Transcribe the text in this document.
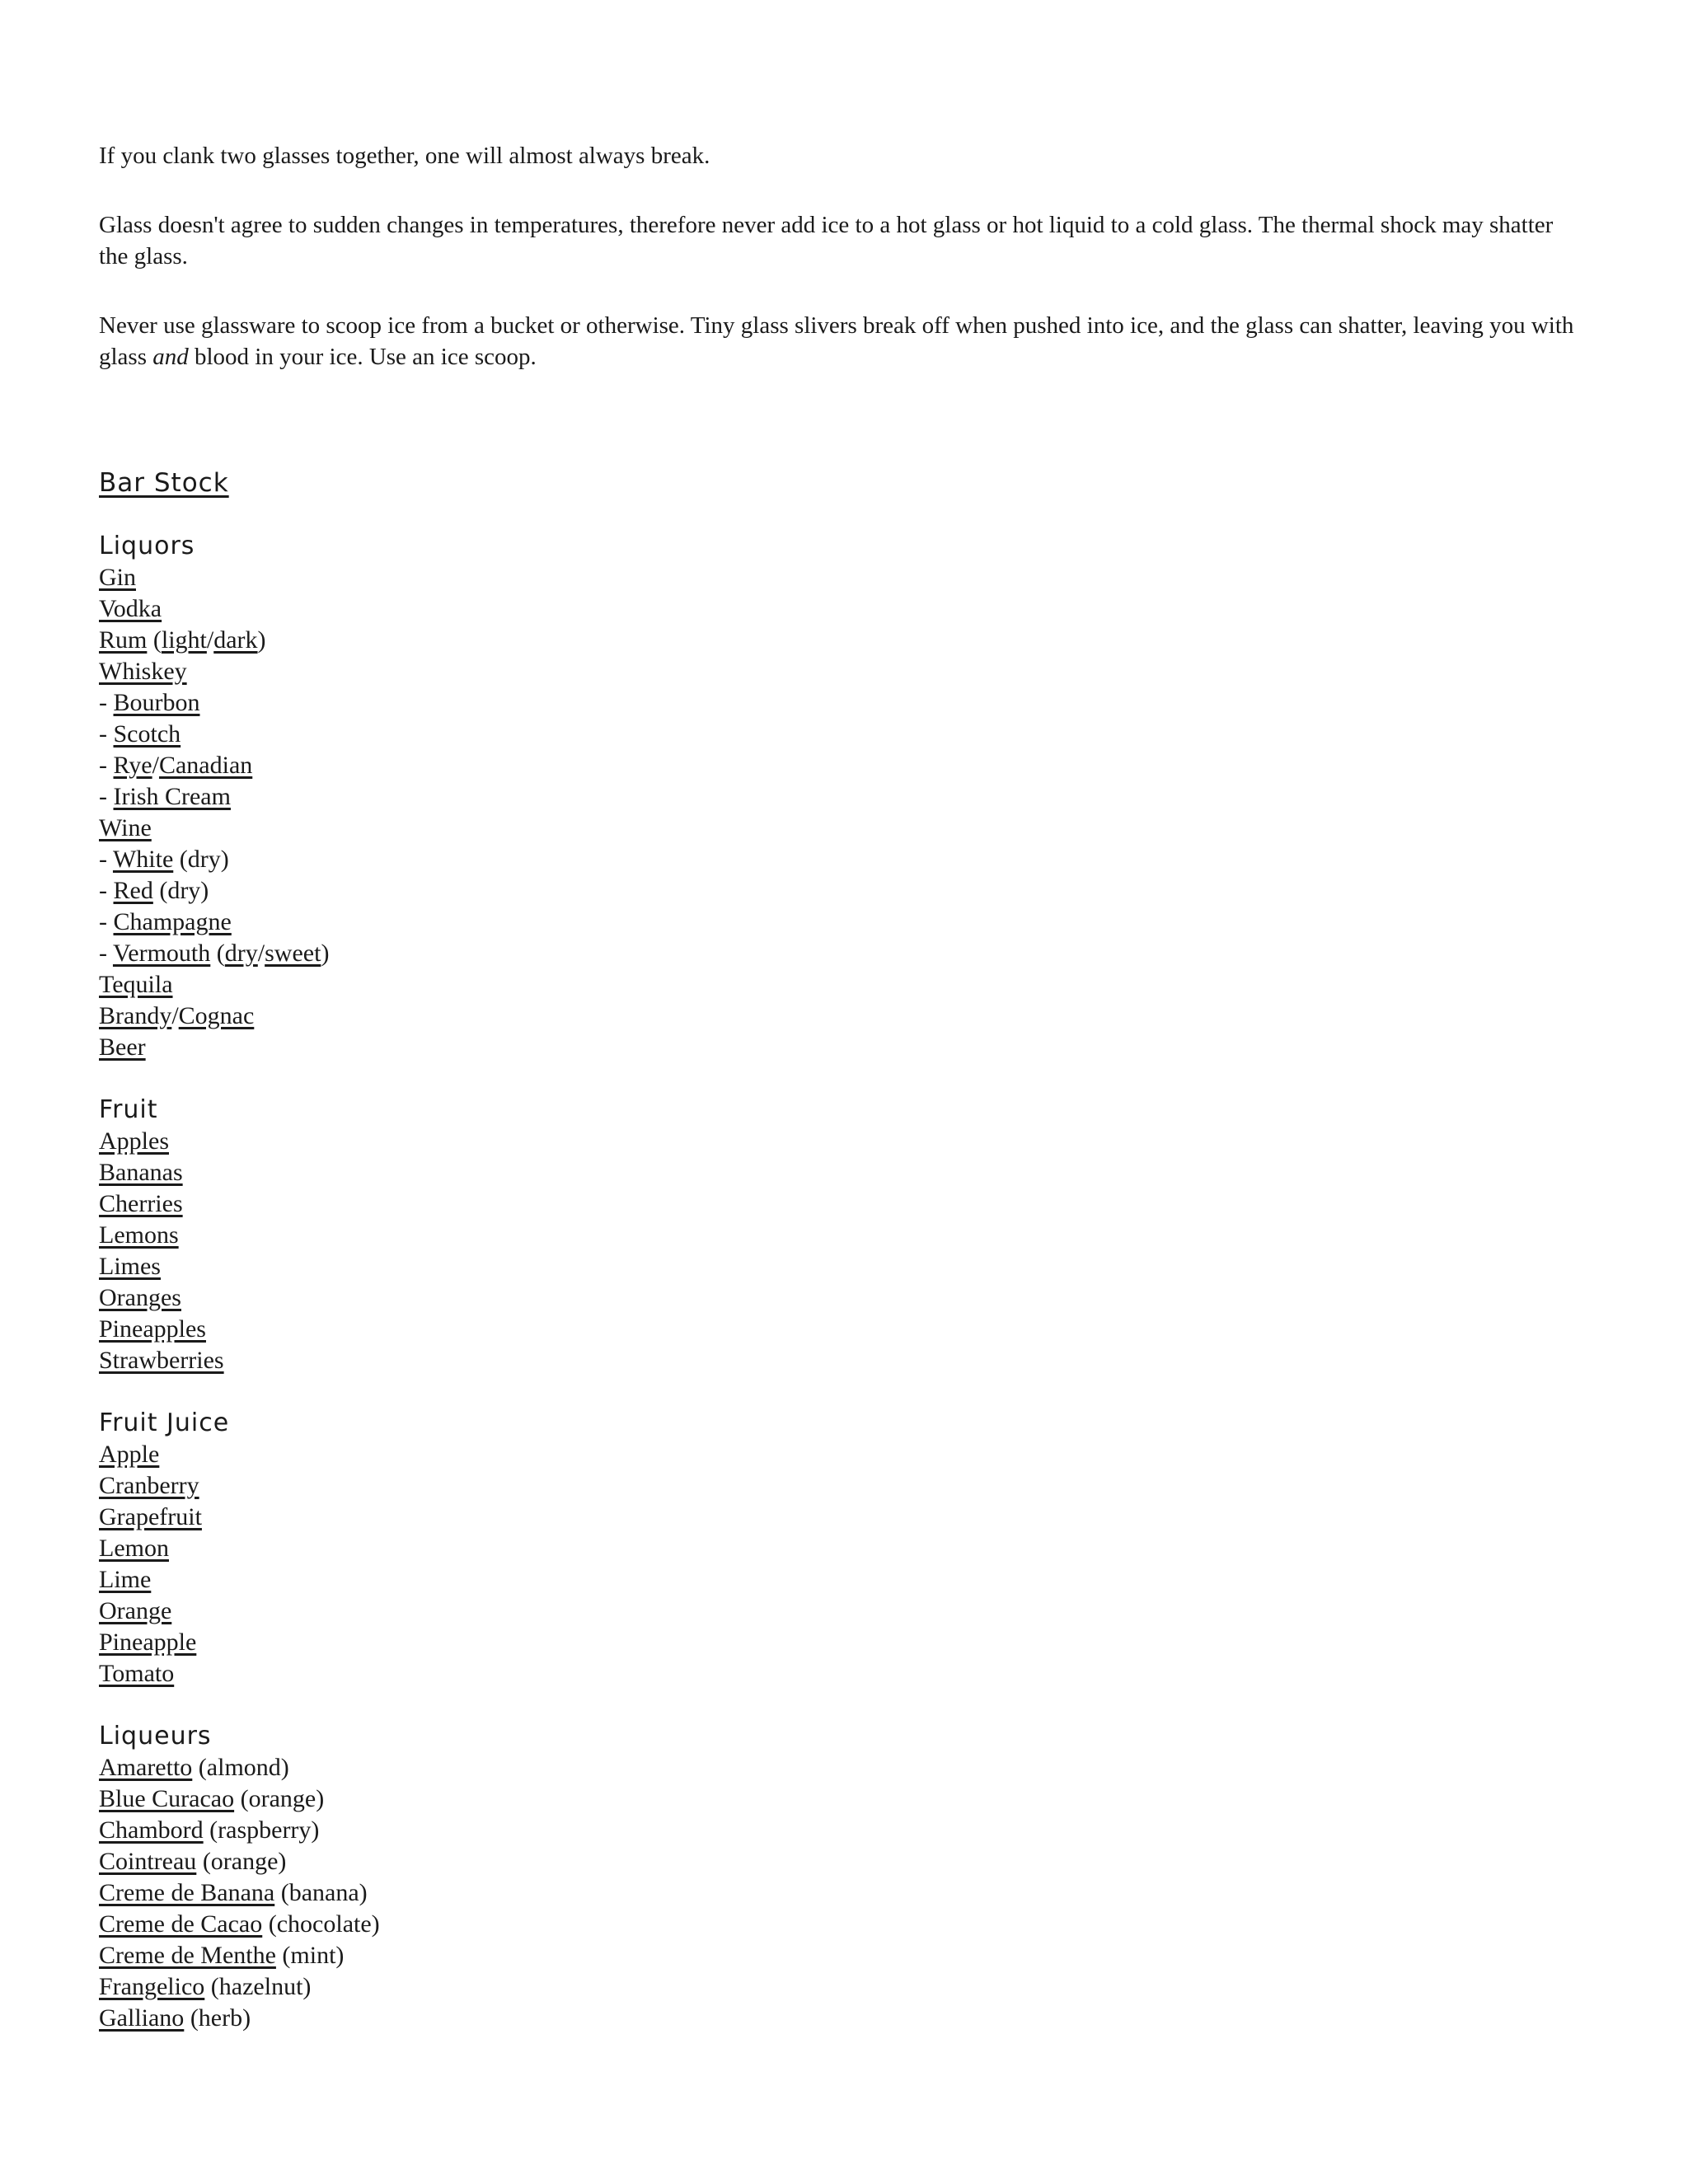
If you clank two glasses together, one will almost always break.

Glass doesn't agree to sudden changes in temperatures, therefore never add ice to a hot glass or hot liquid to a cold glass. The thermal shock may shatter the glass.

Never use glassware to scoop ice from a bucket or otherwise. Tiny glass slivers break off when pushed into ice, and the glass can shatter, leaving you with glass and blood in your ice. Use an ice scoop.

Bar Stock
Liquors
Gin
Vodka
Rum (light/dark)
Whiskey
- Bourbon
- Scotch
- Rye/Canadian
- Irish Cream
Wine
- White (dry)
- Red (dry)
- Champagne
- Vermouth (dry/sweet)
Tequila
Brandy/Cognac
Beer
Fruit
Apples
Bananas
Cherries
Lemons
Limes
Oranges
Pineapples
Strawberries
Fruit Juice
Apple
Cranberry
Grapefruit
Lemon
Lime
Orange
Pineapple
Tomato
Liqueurs
Amaretto (almond)
Blue Curacao (orange)
Chambord (raspberry)
Cointreau (orange)
Creme de Banana (banana)
Creme de Cacao (chocolate)
Creme de Menthe (mint)
Frangelico (hazelnut)
Galliano (herb)
